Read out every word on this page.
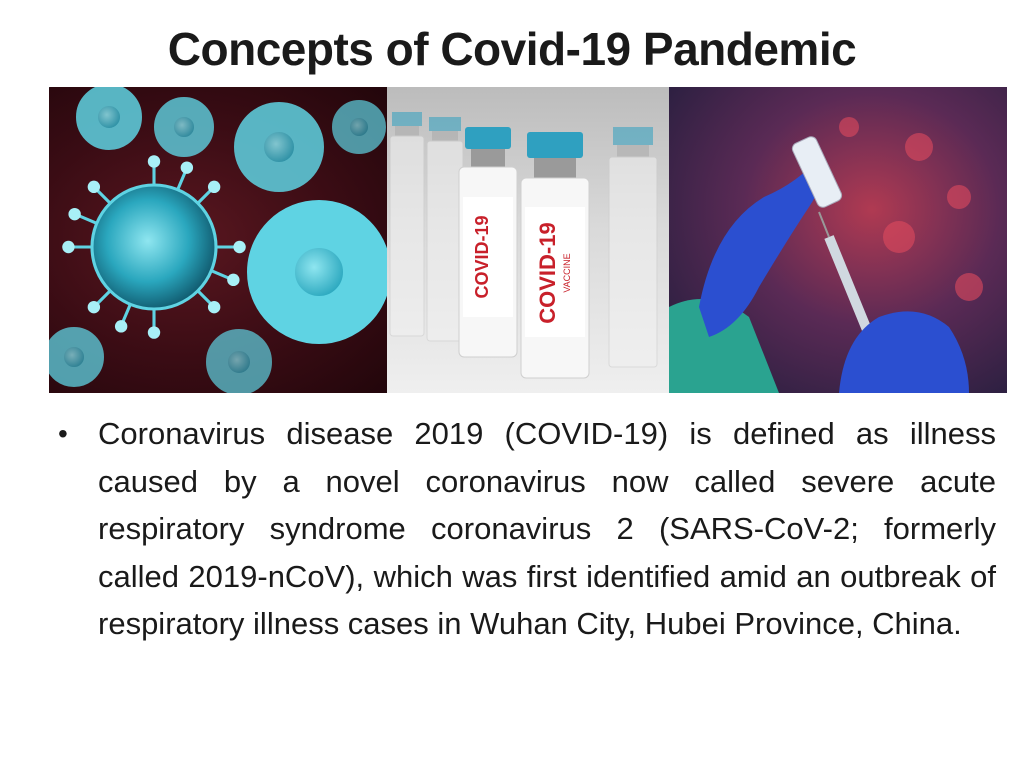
Concepts of Covid-19 Pandemic
COVID-19 COVID-19 VACCINE
• Coronavirus disease 2019 (COVID-19) is defined as illness caused by a novel coronavirus now called severe acute respiratory syndrome coronavirus 2 (SARS-CoV-2; formerly called 2019-nCoV), which was first identified amid an outbreak of respiratory illness cases in Wuhan City, Hubei Province, China.
